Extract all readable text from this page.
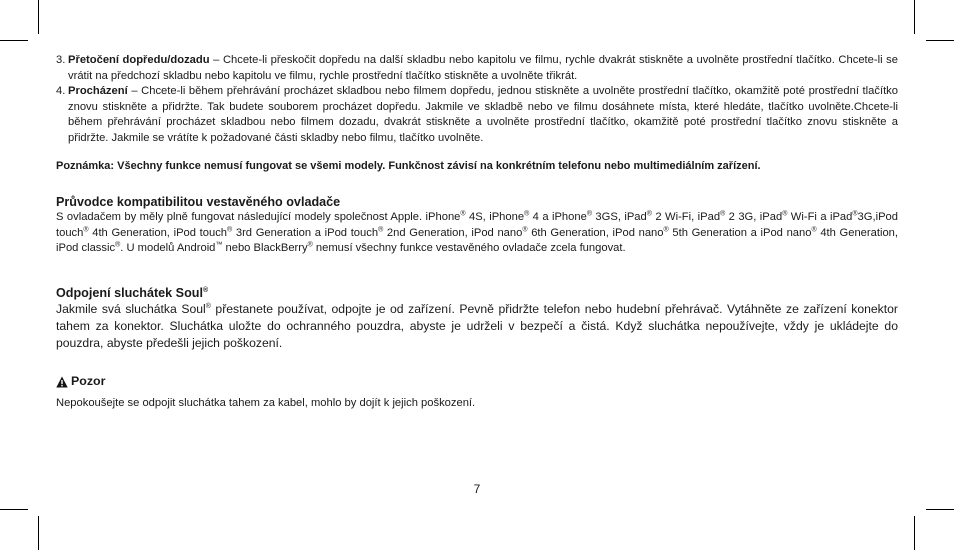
3. Přetočení dopředu/dozadu – Chcete-li přeskočit dopředu na další skladbu nebo kapitolu ve filmu, rychle dvakrát stiskněte a uvolněte prostřední tlačítko. Chcete-li se vrátit na předchozí skladbu nebo kapitolu ve filmu, rychle prostřední tlačítko stiskněte a uvolněte třikrát.
4. Procházení – Chcete-li během přehrávání procházet skladbou nebo filmem dopředu, jednou stiskněte a uvolněte prostřední tlačítko, okamžitě poté prostřední tlačítko znovu stiskněte a přidržte. Tak budete souborem procházet dopředu. Jakmile ve skladbě nebo ve filmu dosáhnete místa, které hledáte, tlačítko uvolněte.Chcete-li během přehrávání procházet skladbou nebo filmem dozadu, dvakrát stiskněte a uvolněte prostřední tlačítko, okamžitě poté prostřední tlačítko znovu stiskněte a přidržte. Jakmile se vrátíte k požadované části skladby nebo filmu, tlačítko uvolněte.
Poznámka: Všechny funkce nemusí fungovat se všemi modely. Funkčnost závisí na konkrétním telefonu nebo multimediálním zařízení.
Průvodce kompatibilitou vestavěného ovladače
S ovladačem by měly plně fungovat následující modely společnost Apple. iPhone® 4S, iPhone® 4 a iPhone® 3GS, iPad® 2 Wi-Fi, iPad® 2 3G, iPad® Wi-Fi a iPad®3G,iPod touch® 4th Generation, iPod touch® 3rd Generation a iPod touch® 2nd Generation, iPod nano® 6th Generation, iPod nano® 5th Generation a iPod nano® 4th Generation, iPod classic®. U modelů Android™ nebo BlackBerry® nemusí všechny funkce vestavěného ovladače zcela fungovat.
Odpojení sluchátek Soul®
Jakmile svá sluchátka Soul® přestanete používat, odpojte je od zařízení. Pevně přidržte telefon nebo hudební přehrávač. Vytáhněte ze zařízení konektor tahem za konektor. Sluchátka uložte do ochranného pouzdra, abyste je udrželi v bezpečí a čistá. Když sluchátka nepoužívejte, vždy je ukládejte do pouzdra, abyste předešli jejich poškození.
Pozor
Nepokoušejte se odpojit sluchátka tahem za kabel, mohlo by dojít k jejich poškození.
7
